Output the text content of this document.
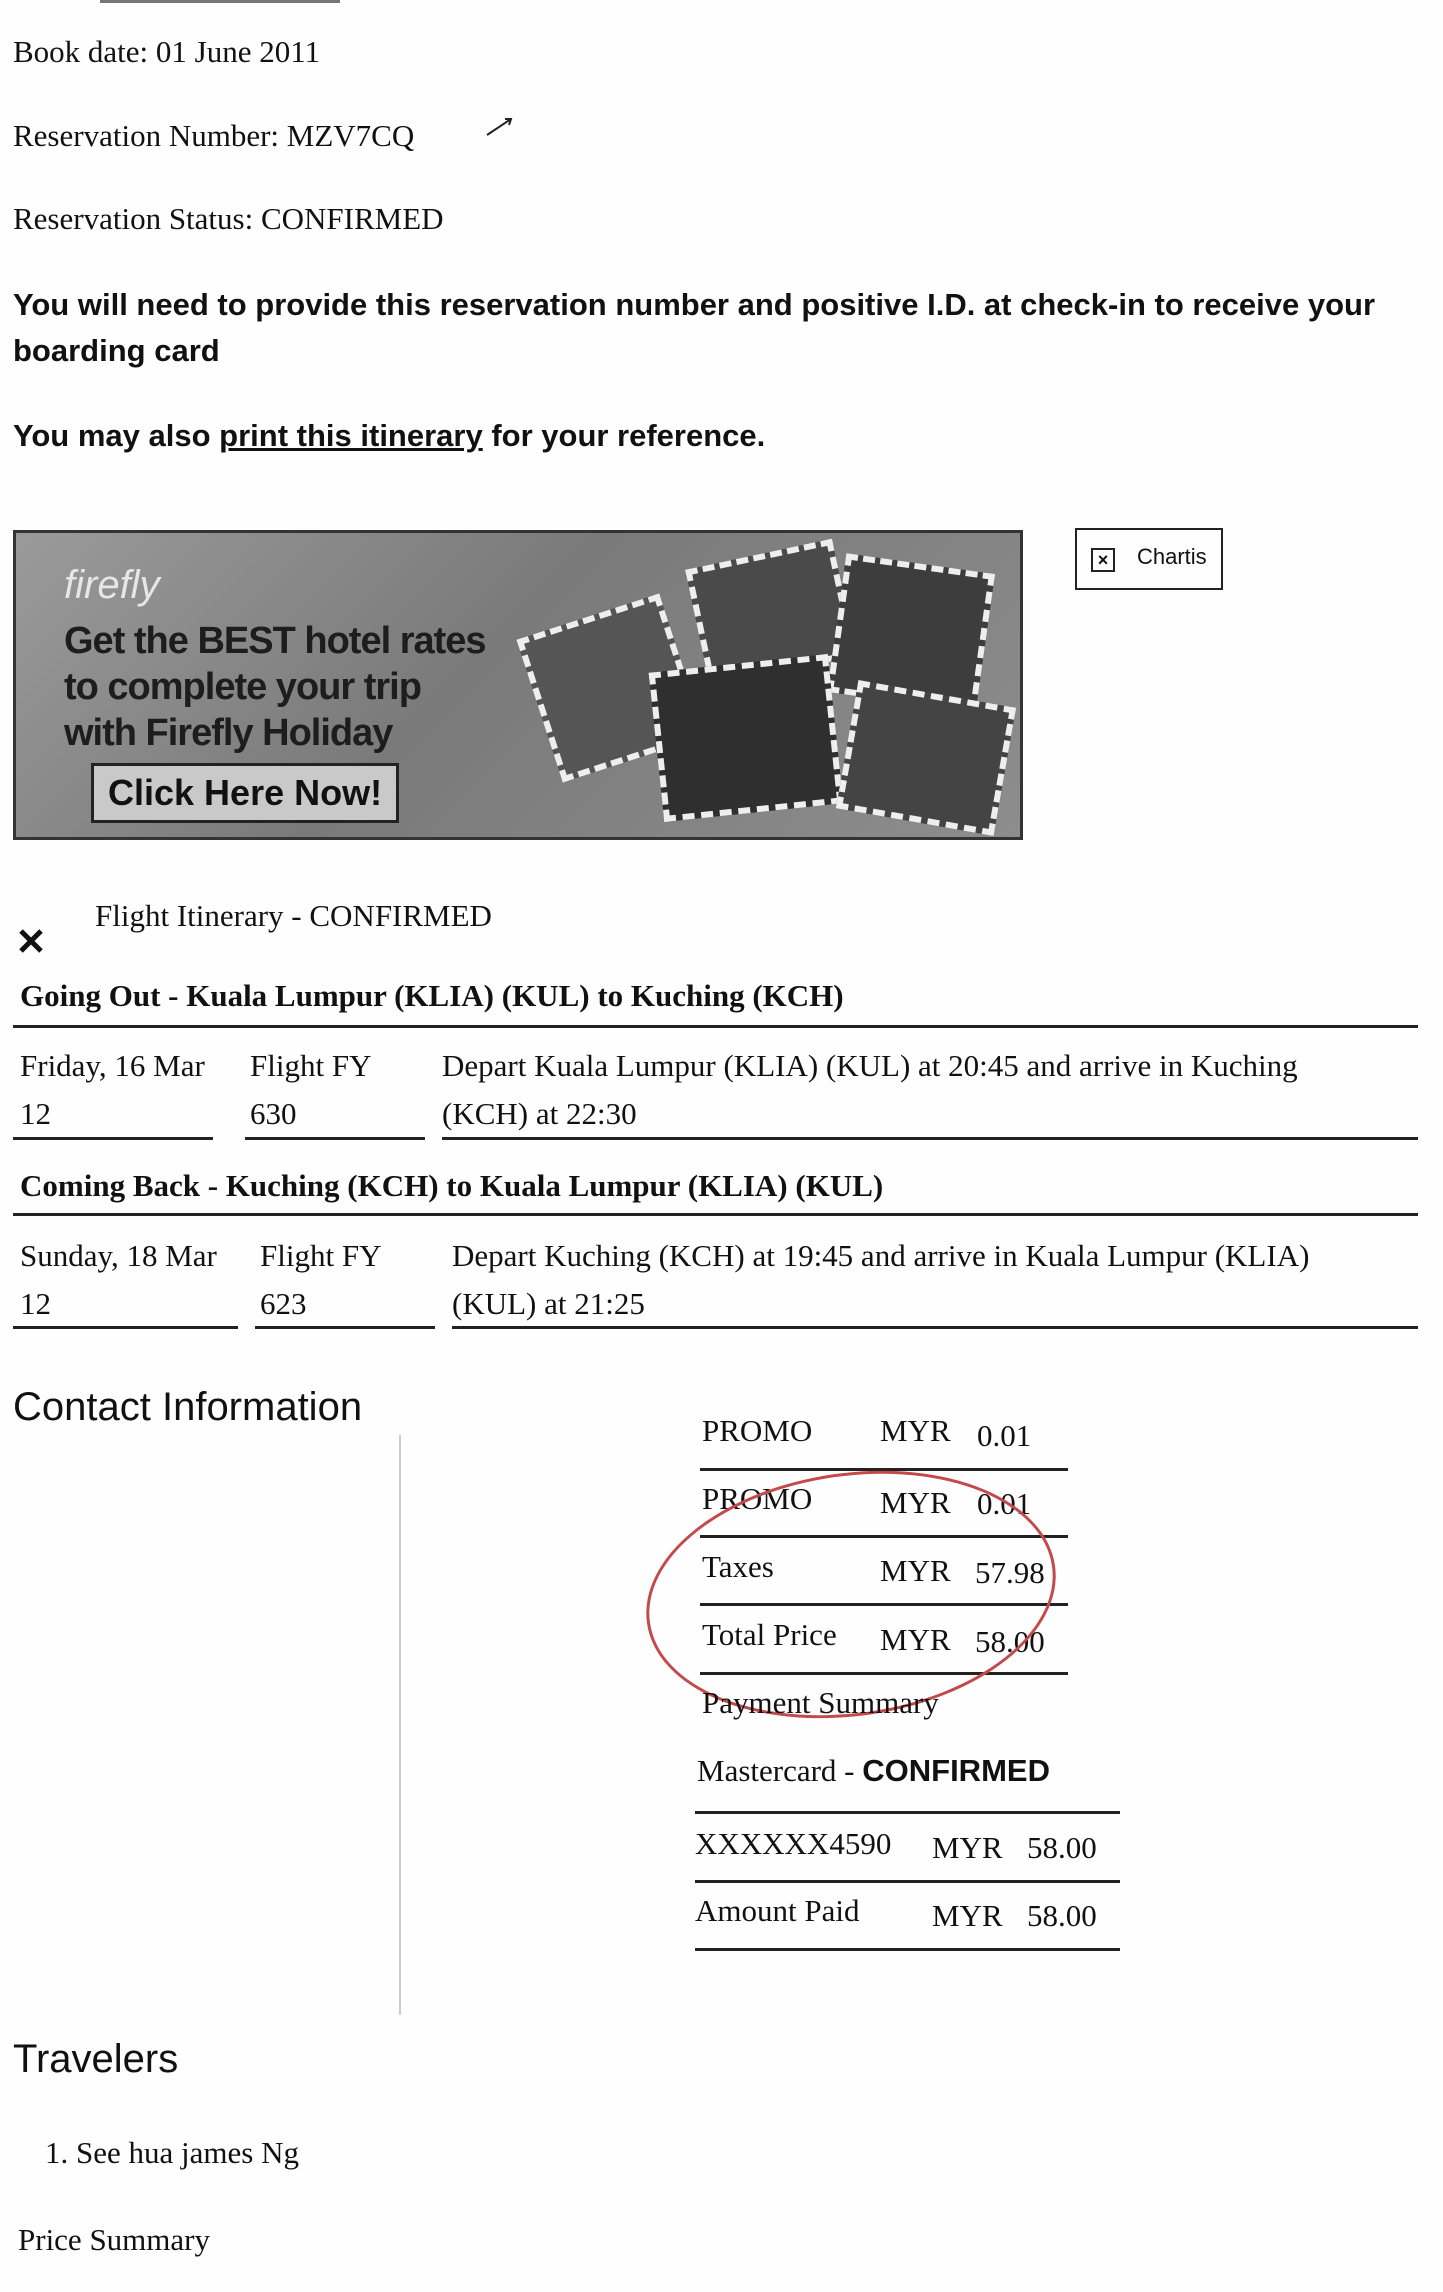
Book date: 01 June 2011
Reservation Number: MZV7CQ
Reservation Status: CONFIRMED
You will need to provide this reservation number and positive I.D. at check-in to receive your boarding card
You may also print this itinerary for your reference.
firefly
Get the BEST hotel rates to complete your trip with Firefly Holiday
Click Here Now!
×	Chartis
Flight Itinerary - CONFIRMED
Going Out - Kuala Lumpur (KLIA) (KUL) to Kuching (KCH)
Friday, 16 Mar
12
Flight FY
630
Depart Kuala Lumpur (KLIA) (KUL) at 20:45 and arrive in Kuching
(KCH) at 22:30
Coming Back - Kuching (KCH) to Kuala Lumpur (KLIA) (KUL)
Sunday, 18 Mar
12
Flight FY
623
Depart Kuching (KCH) at 19:45 and arrive in Kuala Lumpur (KLIA)
(KUL) at 21:25
Contact Information
PROMO MYR 0.01
PROMO MYR 0.01
Taxes	MYR 57.98
Total Price MYR 58.00
Payment Summary
Mastercard - CONFIRMED
XXXXXX4590 MYR 58.00
Amount Paid MYR 58.00
Travelers
1. See hua james Ng
Price Summary
